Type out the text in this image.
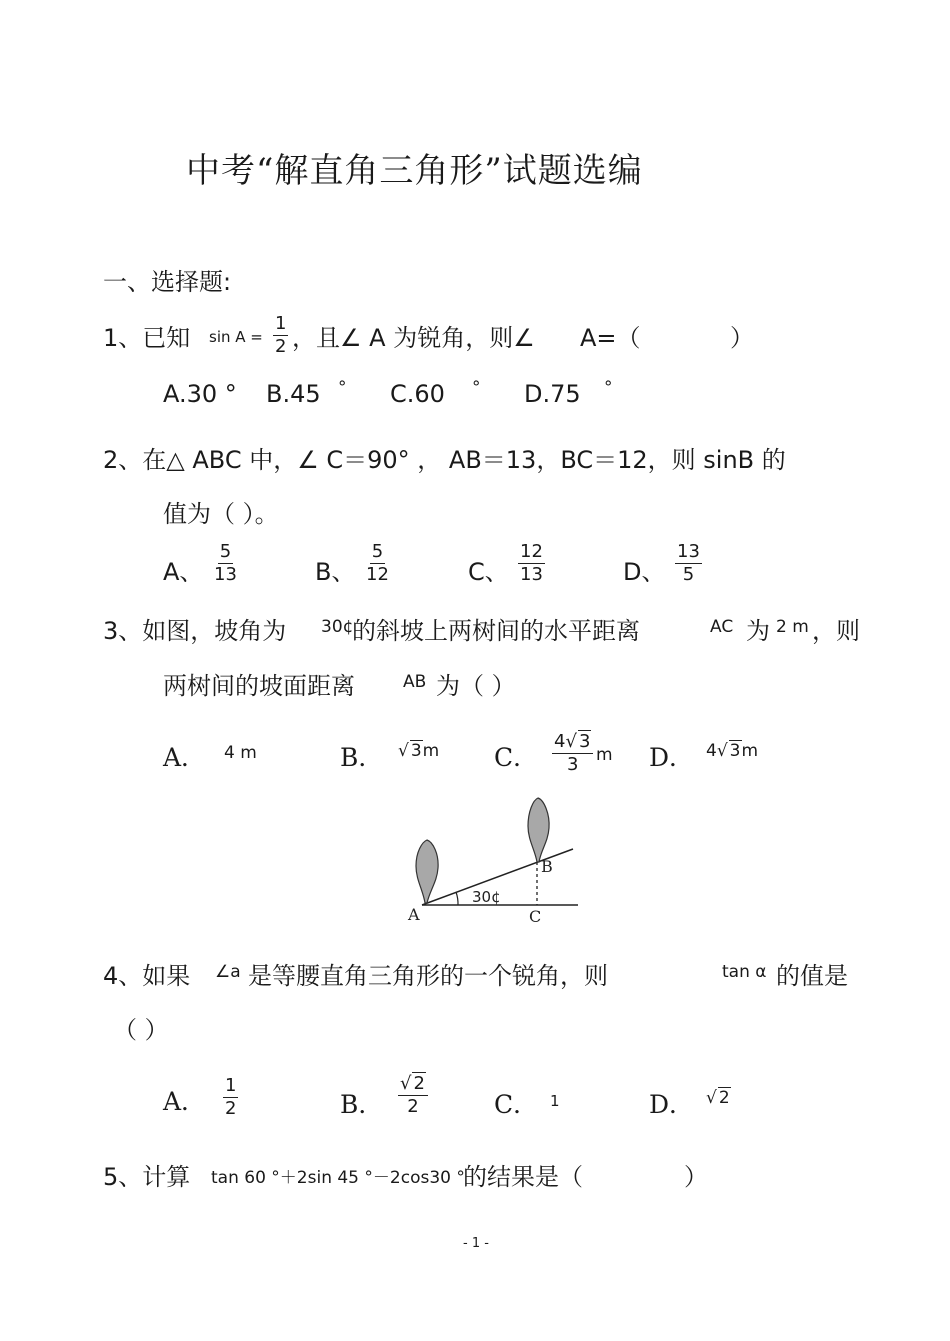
中考“解直角三角形”试题选编
一、选择题:
1、已知 $\sin A = \frac{1}{2}$ ，且∠ A 为锐角，则∠ A=（	）
A.30 ° B.45 ° C.60 ° D.75 °
2、在△ ABC 中，∠ C＝90° ， AB＝13，BC＝12，则 sinB 的
值为（ ）。
A、 $\frac{5}{13}$	B、 $\frac{5}{12}$	C、 $\frac{12}{13}$	D、 $\frac{13}{5}$
3、如图，坡角为 30¢
的斜坡上两树间的水平距离	AC 为 2 m ，则
两树间的坡面距离	AB 为（ ）
A． 4 m	B． √ 3m C． $\frac{4√ 3}{3}$ m D． 4√ 3m
A
B
C
30¢
4、如果 ∠a 是等腰直角三角形的一个锐角，则	tan α 的值是
（ ）
A． $\frac{1}{2}$	B． $\frac{√ 2}{2}$	C． 1	D． √ 2
5、计算 tan 60 °＋2sin 45 °－2cos30 °
的结果是（	）
- 1 -
